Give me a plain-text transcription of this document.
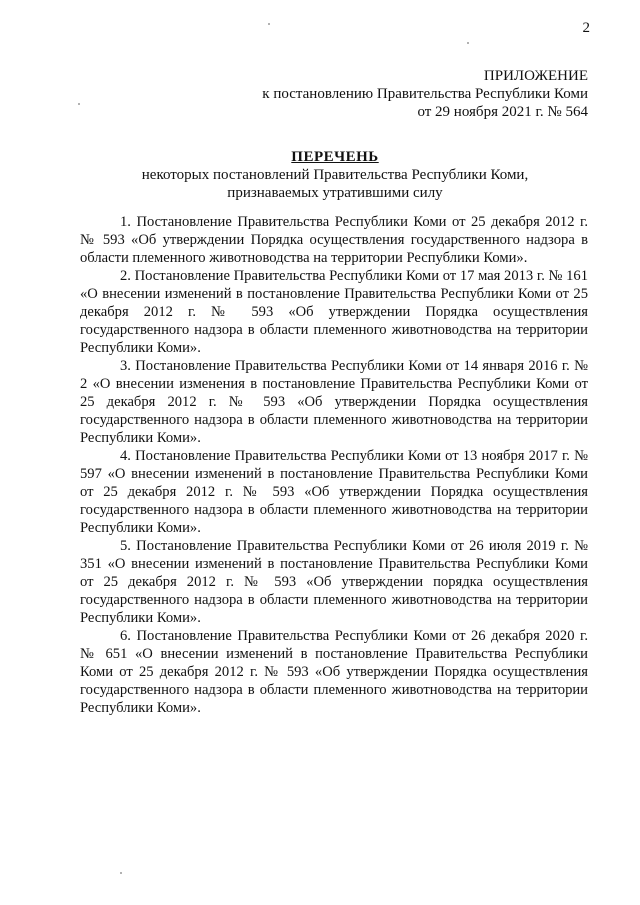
2
ПРИЛОЖЕНИЕ
к постановлению Правительства Республики Коми
от 29 ноября 2021 г. № 564
ПЕРЕЧЕНЬ
некоторых постановлений Правительства Республики Коми,
признаваемых утратившими силу

1. Постановление Правительства Республики Коми от 25 декабря 2012 г. № 593 «Об утверждении Порядка осуществления государственного надзора в области племенного животноводства на территории Республики Коми».

2. Постановление Правительства Республики Коми от 17 мая 2013 г. № 161 «О внесении изменений в постановление Правительства Республики Коми от 25 декабря 2012 г. № 593 «Об утверждении Порядка осуществления государственного надзора в области племенного животноводства на территории Республики Коми».

3. Постановление Правительства Республики Коми от 14 января 2016 г. № 2 «О внесении изменения в постановление Правительства Республики Коми от 25 декабря 2012 г. № 593 «Об утверждении Порядка осуществления государственного надзора в области племенного животноводства на территории Республики Коми».

4. Постановление Правительства Республики Коми от 13 ноября 2017 г. № 597 «О внесении изменений в постановление Правительства Республики Коми от 25 декабря 2012 г. № 593 «Об утверждении Порядка осуществления государственного надзора в области племенного животноводства на территории Республики Коми».

5. Постановление Правительства Республики Коми от 26 июля 2019 г. № 351 «О внесении изменений в постановление Правительства Республики Коми от 25 декабря 2012 г. № 593 «Об утверждении порядка осуществления государственного надзора в области племенного животноводства на территории Республики Коми».

6. Постановление Правительства Республики Коми от 26 декабря 2020 г. № 651 «О внесении изменений в постановление Правительства Республики Коми от 25 декабря 2012 г. № 593 «Об утверждении Порядка осуществления государственного надзора в области племенного животноводства на территории Республики Коми».
